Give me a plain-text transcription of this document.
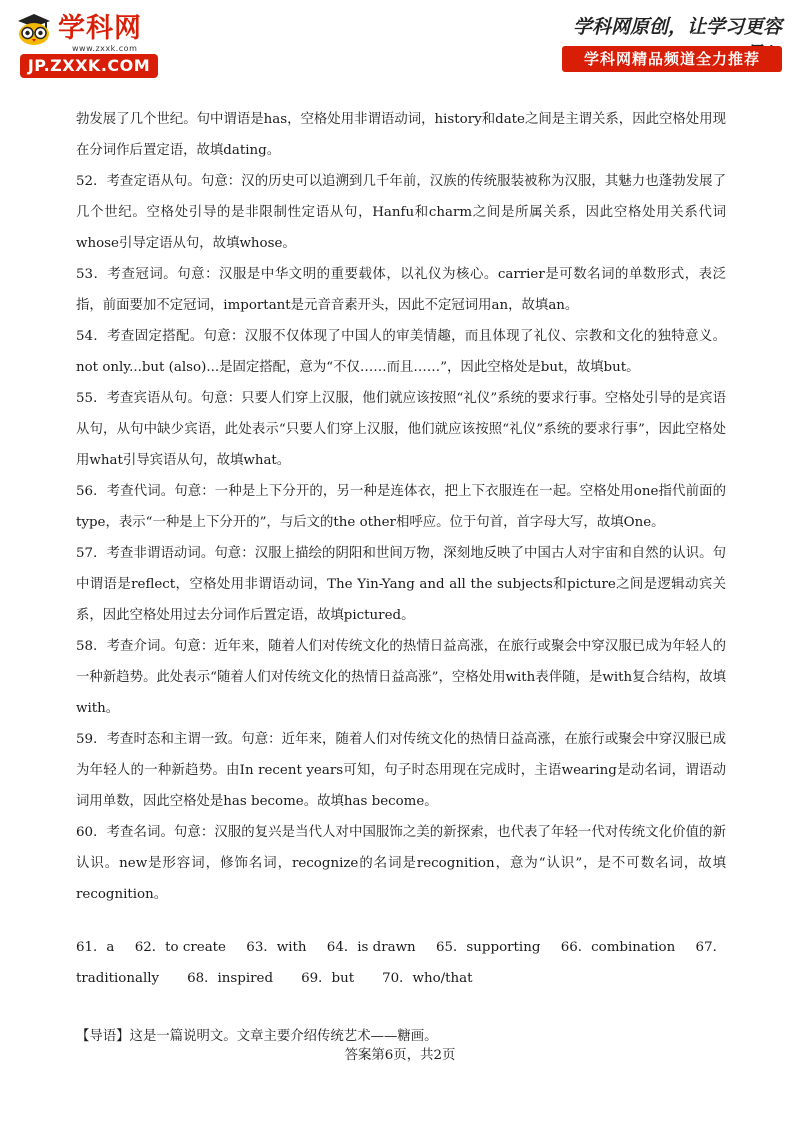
学科网
www.zxxk.com
JP.ZXXK.COM
学科网原创，让学习更容
学科网精品频道全力推荐

勃发展了几个世纪。句中谓语是has，空格处用非谓语动词，history和date之间是主谓关系，因此空格处用现在分词作后置定语，故填dating。

52．考查定语从句。句意：汉的历史可以追溯到几千年前，汉族的传统服装被称为汉服，其魅力也蓬勃发展了几个世纪。空格处引导的是非限制性定语从句，Hanfu和charm之间是所属关系，因此空格处用关系代词whose引导定语从句，故填whose。

53．考查冠词。句意：汉服是中华文明的重要载体，以礼仪为核心。carrier是可数名词的单数形式，表泛指，前面要加不定冠词，important是元音音素开头，因此不定冠词用an，故填an。

54．考查固定搭配。句意：汉服不仅体现了中国人的审美情趣，而且体现了礼仪、宗教和文化的独特意义。not only...but (also)...是固定搭配，意为“不仅……而且……”，因此空格处是but，故填but。

55．考查宾语从句。句意：只要人们穿上汉服，他们就应该按照“礼仪”系统的要求行事。空格处引导的是宾语从句，从句中缺少宾语，此处表示“只要人们穿上汉服，他们就应该按照“礼仪”系统的要求行事”，因此空格处用what引导宾语从句，故填what。

56．考查代词。句意：一种是上下分开的，另一种是连体衣，把上下衣服连在一起。空格处用one指代前面的type，表示“一种是上下分开的”，与后文的the other相呼应。位于句首，首字母大写，故填One。

57．考查非谓语动词。句意：汉服上描绘的阴阳和世间万物，深刻地反映了中国古人对宇宙和自然的认识。句中谓语是reflect，空格处用非谓语动词，The Yin-Yang and all the subjects和picture之间是逻辑动宾关系，因此空格处用过去分词作后置定语，故填pictured。

58．考查介词。句意：近年来，随着人们对传统文化的热情日益高涨，在旅行或聚会中穿汉服已成为年轻人的一种新趋势。此处表示“随着人们对传统文化的热情日益高涨”，空格处用with表伴随，是with复合结构，故填with。

59．考查时态和主谓一致。句意：近年来，随着人们对传统文化的热情日益高涨，在旅行或聚会中穿汉服已成为年轻人的一种新趋势。由In recent years可知，句子时态用现在完成时，主语wearing是动名词，谓语动词用单数，因此空格处是has become。故填has become。

60．考查名词。句意：汉服的复兴是当代人对中国服饰之美的新探索，也代表了年轻一代对传统文化价值的新认识。new是形容词，修饰名词，recognize的名词是recognition，意为“认识”，是不可数名词，故填recognition。

61．a 62．to create 63．with 64．is drawn 65．supporting 66．combination 67．
traditionally 68．inspired 69．but 70．who/that
【导语】这是一篇说明文。文章主要介绍传统艺术——糖画。
答案第6页，共2页
